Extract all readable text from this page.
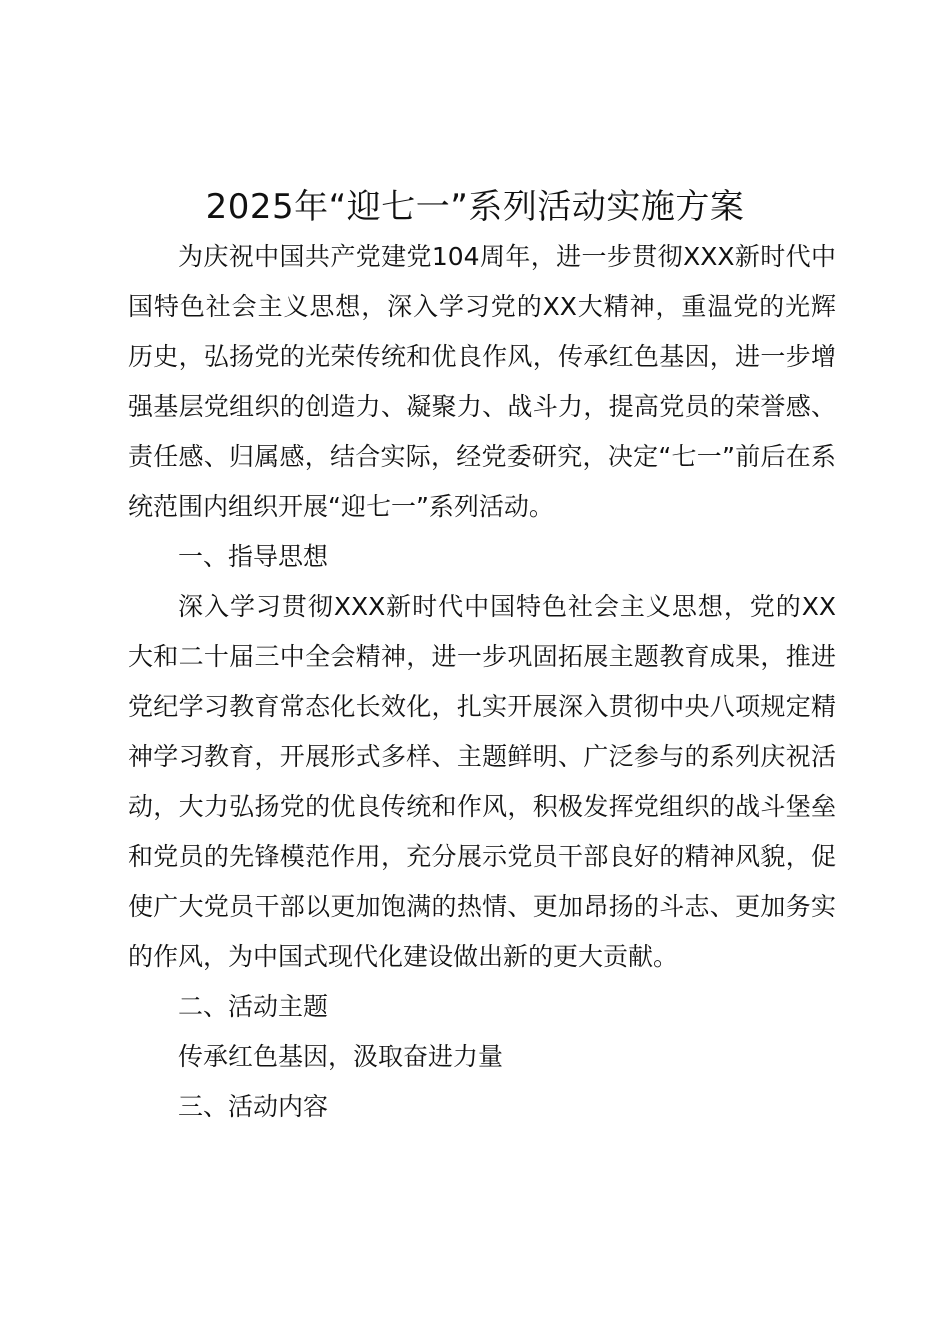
2025年“迎七一”系列活动实施方案

为庆祝中国共产党建党104周年，进一步贯彻XXX新时代中国特色社会主义思想，深入学习党的XX大精神，重温党的光辉历史，弘扬党的光荣传统和优良作风，传承红色基因，进一步增强基层党组织的创造力、凝聚力、战斗力，提高党员的荣誉感、责任感、归属感，结合实际，经党委研究，决定“七一”前后在系统范围内组织开展“迎七一”系列活动。

一、指导思想

深入学习贯彻XXX新时代中国特色社会主义思想，党的XX大和二十届三中全会精神，进一步巩固拓展主题教育成果，推进党纪学习教育常态化长效化，扎实开展深入贯彻中央八项规定精神学习教育，开展形式多样、主题鲜明、广泛参与的系列庆祝活动，大力弘扬党的优良传统和作风，积极发挥党组织的战斗堡垒和党员的先锋模范作用，充分展示党员干部良好的精神风貌，促使广大党员干部以更加饱满的热情、更加昂扬的斗志、更加务实的作风，为中国式现代化建设做出新的更大贡献。

二、活动主题

传承红色基因，汲取奋进力量

三、活动内容
